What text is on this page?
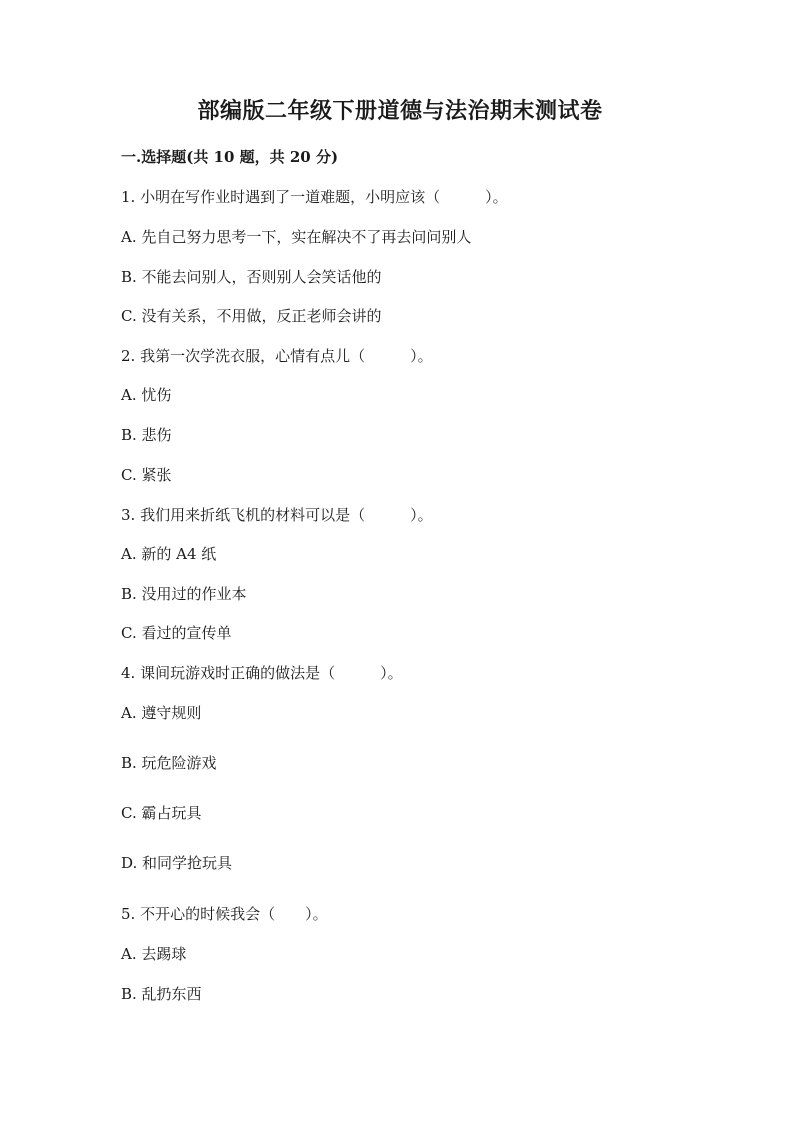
部编版二年级下册道德与法治期末测试卷
一.选择题(共 10 题，共 20 分)
1. 小明在写作业时遇到了一道难题，小明应该（　　　）。
A. 先自己努力思考一下，实在解决不了再去问问别人
B. 不能去问别人，否则别人会笑话他的
C. 没有关系，不用做，反正老师会讲的
2. 我第一次学洗衣服，心情有点儿（　　　）。
A. 忧伤
B. 悲伤
C. 紧张
3. 我们用来折纸飞机的材料可以是（　　　）。
A. 新的 A4 纸
B. 没用过的作业本
C. 看过的宣传单
4. 课间玩游戏时正确的做法是（　　　）。
A. 遵守规则
B. 玩危险游戏
C. 霸占玩具
D. 和同学抢玩具
5. 不开心的时候我会（　　）。
A. 去踢球
B. 乱扔东西
